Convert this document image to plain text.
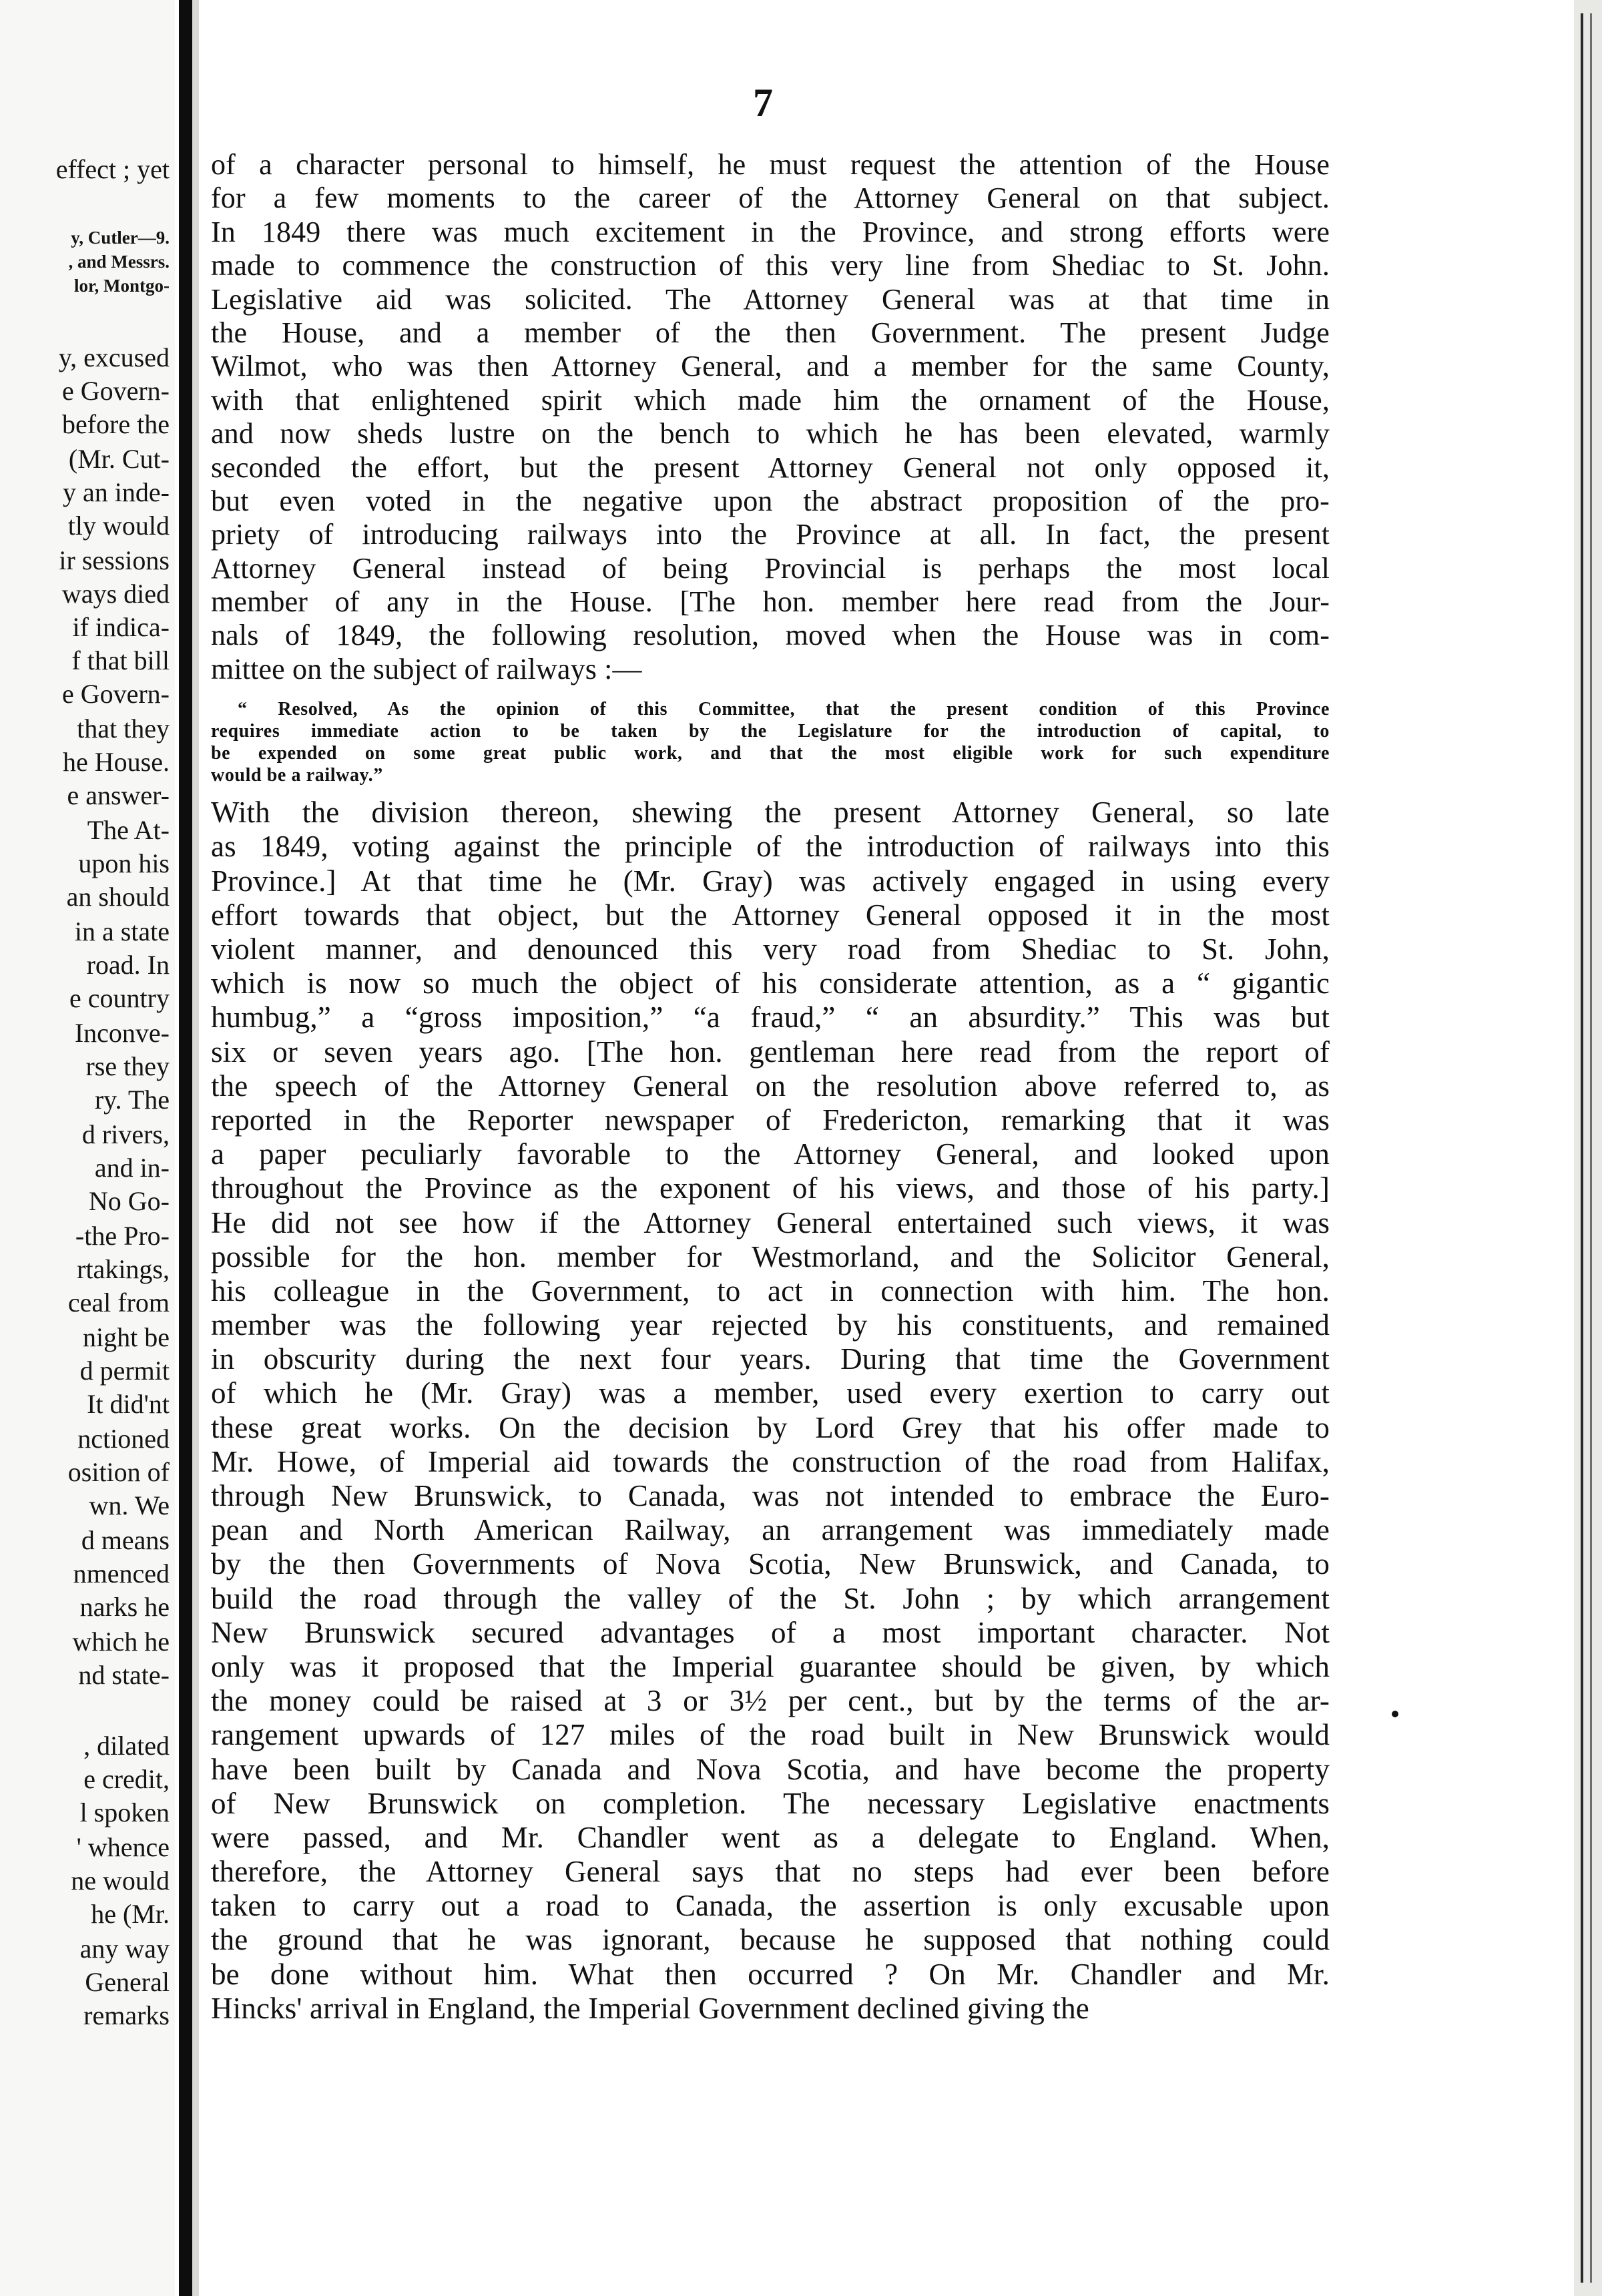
effect ; yet
y, Cutler—9.
, and Messrs.
lor, Montgo-
y, excused
e Govern-
before the
(Mr. Cut-
y an inde-
tly would
ir sessions
ways died
if indica-
f that bill
e Govern-
that they
he House.
e answer-
The At-
upon his
an should
in a state
road. In
e country
Inconve-
rse they
ry. The
d rivers,
and in-
No Go-
-the Pro-
rtakings,
ceal from
night be
d permit
It did'nt
nctioned
osition of
wn. We
d means
nmenced
narks he
which he
nd state-
, dilated
e credit,
l spoken
' whence
ne would
he (Mr.
any way
General
remarks
7
of a character personal to himself, he must request the attention of the House
for a few moments to the career of the Attorney General on that subject.
In 1849 there was much excitement in the Province, and strong efforts were
made to commence the construction of this very line from Shediac to St. John.
Legislative aid was solicited. The Attorney General was at that time in
the House, and a member of the then Government. The present Judge
Wilmot, who was then Attorney General, and a member for the same County,
with that enlightened spirit which made him the ornament of the House,
and now sheds lustre on the bench to which he has been elevated, warmly
seconded the effort, but the present Attorney General not only opposed it,
but even voted in the negative upon the abstract proposition of the pro-
priety of introducing railways into the Province at all. In fact, the present
Attorney General instead of being Provincial is perhaps the most local
member of any in the House. [The hon. member here read from the Jour-
nals of 1849, the following resolution, moved when the House was in com-
mittee on the subject of railways :—
“ Resolved, As the opinion of this Committee, that the present condition of this Province
requires immediate action to be taken by the Legislature for the introduction of capital, to
be expended on some great public work, and that the most eligible work for such expenditure
would be a railway.”
With the division thereon, shewing the present Attorney General, so late
as 1849, voting against the principle of the introduction of railways into this
Province.] At that time he (Mr. Gray) was actively engaged in using every
effort towards that object, but the Attorney General opposed it in the most
violent manner, and denounced this very road from Shediac to St. John,
which is now so much the object of his considerate attention, as a “ gigantic
humbug,” a “gross imposition,” “a fraud,” “ an absurdity.” This was but
six or seven years ago. [The hon. gentleman here read from the report of
the speech of the Attorney General on the resolution above referred to, as
reported in the Reporter newspaper of Fredericton, remarking that it was
a paper peculiarly favorable to the Attorney General, and looked upon
throughout the Province as the exponent of his views, and those of his party.]
He did not see how if the Attorney General entertained such views, it was
possible for the hon. member for Westmorland, and the Solicitor General,
his colleague in the Government, to act in connection with him. The hon.
member was the following year rejected by his constituents, and remained
in obscurity during the next four years. During that time the Government
of which he (Mr. Gray) was a member, used every exertion to carry out
these great works. On the decision by Lord Grey that his offer made to
Mr. Howe, of Imperial aid towards the construction of the road from Halifax,
through New Brunswick, to Canada, was not intended to embrace the Euro-
pean and North American Railway, an arrangement was immediately made
by the then Governments of Nova Scotia, New Brunswick, and Canada, to
build the road through the valley of the St. John ; by which arrangement
New Brunswick secured advantages of a most important character. Not
only was it proposed that the Imperial guarantee should be given, by which
the money could be raised at 3 or 3½ per cent., but by the terms of the ar-
rangement upwards of 127 miles of the road built in New Brunswick would
have been built by Canada and Nova Scotia, and have become the property
of New Brunswick on completion. The necessary Legislative enactments
were passed, and Mr. Chandler went as a delegate to England. When,
therefore, the Attorney General says that no steps had ever been before
taken to carry out a road to Canada, the assertion is only excusable upon
the ground that he was ignorant, because he supposed that nothing could
be done without him. What then occurred ? On Mr. Chandler and Mr.
Hincks' arrival in England, the Imperial Government declined giving the
